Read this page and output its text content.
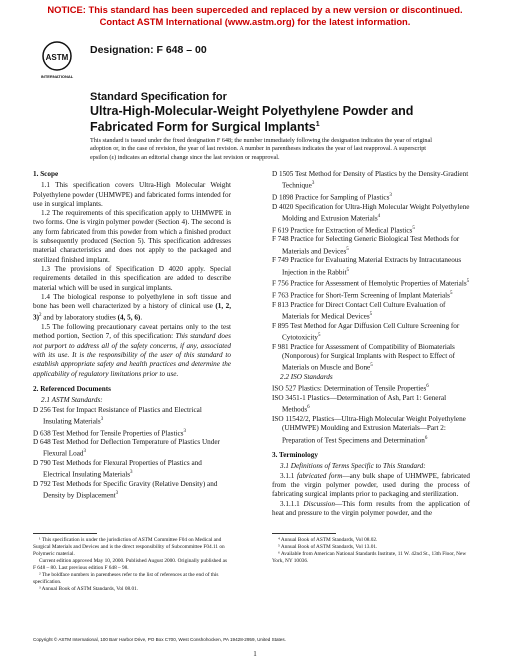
NOTICE: This standard has been superceded and replaced by a new version or discontinued.
Contact ASTM International (www.astm.org) for the latest information.
ASTM
INTERNATIONAL
Designation: F 648 – 00
Standard Specification for
Ultra-High-Molecular-Weight Polyethylene Powder and
Fabricated Form for Surgical Implants$^1$
This standard is issued under the fixed designation F 648; the number immediately following the designation indicates the year of original adoption or, in the case of revision, the year of last revision. A number in parentheses indicates the year of last reapproval. A superscript epsilon (ε) indicates an editorial change since the last revision or reapproval.
1. Scope

1.1 This specification covers Ultra-High Molecular Weight Polyethylene powder (UHMWPE) and fabricated forms intended for use in surgical implants.

1.2 The requirements of this specification apply to UHMWPE in two forms. One is virgin polymer powder (Section 4). The second is any form fabricated from this powder from which a finished product is subsequently produced (Section 5). This specification addresses material characteristics and does not apply to the packaged and sterilized finished implant.

1.3 The provisions of Specification D 4020 apply. Special requirements detailed in this specification are added to describe material which will be used in surgical implants.

1.4 The biological response to polyethylene in soft tissue and bone has been well characterized by a history of clinical use (1, 2, 3)$^2$ and by laboratory studies (4, 5, 6).

1.5 The following precautionary caveat pertains only to the test method portion, Section 7, of this specification: This standard does not purport to address all of the safety concerns, if any, associated with its use. It is the responsibility of the user of this standard to establish appropriate safety and health practices and determine the applicability of regulatory limitations prior to use.

2. Referenced Documents

2.1 ASTM Standards:

D 256 Test for Impact Resistance of Plastics and Electrical Insulating Materials$^3$

D 638 Test Method for Tensile Properties of Plastics$^3$

D 648 Test Method for Deflection Temperature of Plastics Under Flexural Load$^3$

D 790 Test Methods for Flexural Properties of Plastics and Electrical Insulating Materials$^3$

D 792 Test Methods for Specific Gravity (Relative Density) and Density by Displacement$^3$

D 1505 Test Method for Density of Plastics by the Density-Gradient Technique$^3$

D 1898 Practice for Sampling of Plastics$^3$

D 4020 Specification for Ultra-High Molecular Weight Polyethylene Molding and Extrusion Materials$^4$

F 619 Practice for Extraction of Medical Plastics$^5$

F 748 Practice for Selecting Generic Biological Test Methods for Materials and Devices$^5$

F 749 Practice for Evaluating Material Extracts by Intracutaneous Injection in the Rabbit$^5$

F 756 Practice for Assessment of Hemolytic Properties of Materials$^5$

F 763 Practice for Short-Term Screening of Implant Materials$^5$

F 813 Practice for Direct Contact Cell Culture Evaluation of Materials for Medical Devices$^5$

F 895 Test Method for Agar Diffusion Cell Culture Screening for Cytotoxicity$^5$

F 981 Practice for Assessment of Compatibility of Biomaterials (Nonporous) for Surgical Implants with Respect to Effect of Materials on Muscle and Bone$^5$

2.2 ISO Standards

ISO 527 Plastics: Determination of Tensile Properties$^6$

ISO 3451-1 Plastics—Determination of Ash, Part 1: General Methods$^6$

ISO 11542/2, Plastics—Ultra-High Molecular Weight Polyethylene (UHMWPE) Moulding and Extrusion Materials—Part 2: Preparation of Test Specimens and Determination$^6$

3. Terminology

3.1 Definitions of Terms Specific to This Standard:

3.1.1 fabricated form—any bulk shape of UHMWPE, fabricated from the virgin polymer powder, used during the process of fabricating surgical implants prior to packaging and sterilization.

3.1.1.1 Discussion—This form results from the application of heat and pressure to the virgin polymer powder, and the

¹ This specification is under the jurisdiction of ASTM Committee F04 on Medical and Surgical Materials and Devices and is the direct responsibility of Subcommittee F04.11 on Polymeric material.

Current edition approved May 10, 2000. Published August 2000. Originally published as F 648 – 80. Last previous edition F 648 – 98.

² The boldface numbers in parentheses refer to the list of references at the end of this specification.

³ Annual Book of ASTM Standards, Vol 08.01.

⁴ Annual Book of ASTM Standards, Vol 08.02.

⁵ Annual Book of ASTM Standards, Vol 13.01.

⁶ Available from American National Standards Institute, 11 W. 42nd St., 13th Floor, New York, NY 10036.

Copyright © ASTM International, 100 Barr Harbor Drive, PO Box C700, West Conshohocken, PA 19428-2959, United States.
1
